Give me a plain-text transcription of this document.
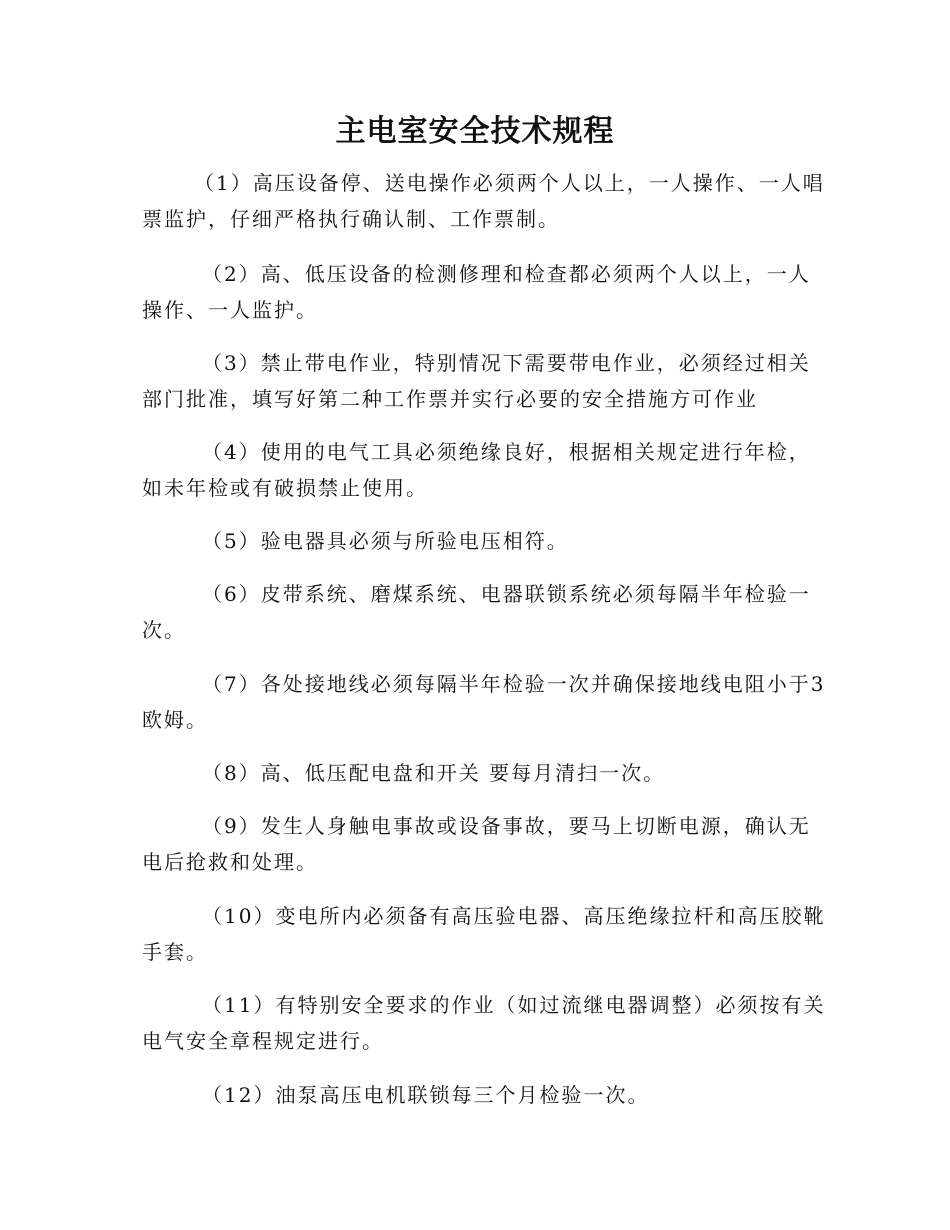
主电室安全技术规程
（1）高压设备停、送电操作必须两个人以上，一人操作、一人唱
票监护，仔细严格执行确认制、工作票制。
（2）高、低压设备的检测修理和检查都必须两个人以上，一人
操作、一人监护。
（3）禁止带电作业，特别情况下需要带电作业，必须经过相关
部门批准，填写好第二种工作票并实行必要的安全措施方可作业
（4）使用的电气工具必须绝缘良好，根据相关规定进行年检，
如未年检或有破损禁止使用。
（5）验电器具必须与所验电压相符。
（6）皮带系统、磨煤系统、电器联锁系统必须每隔半年检验一
次。
（7）各处接地线必须每隔半年检验一次并确保接地线电阻小于3
欧姆。
（8）高、低压配电盘和开关 要每月清扫一次。
（9）发生人身触电事故或设备事故，要马上切断电源，确认无
电后抢救和处理。
（10）变电所内必须备有高压验电器、高压绝缘拉杆和高压胶靴
手套。
（11）有特别安全要求的作业（如过流继电器调整）必须按有关
电气安全章程规定进行。
（12）油泵高压电机联锁每三个月检验一次。
